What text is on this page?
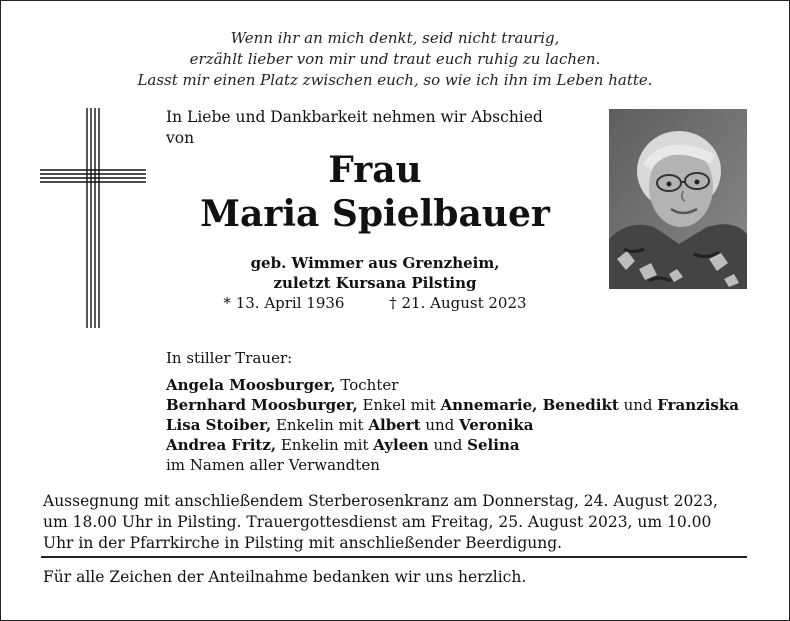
Wenn ihr an mich denkt, seid nicht traurig,
erzählt lieber von mir und traut euch ruhig zu lachen.
Lasst mir einen Platz zwischen euch, so wie ich ihn im Leben hatte.
In Liebe und Dankbarkeit nehmen wir Abschied
von
Frau
Maria Spielbauer
geb. Wimmer aus Grenzheim,
zuletzt Kursana Pilsting
* 13. April 1936	† 21. August 2023
In stiller Trauer:
Angela Moosburger, Tochter
Bernhard Moosburger, Enkel mit Annemarie, Benedikt und Franziska
Lisa Stoiber, Enkelin mit Albert und Veronika
Andrea Fritz, Enkelin mit Ayleen und Selina
im Namen aller Verwandten
Aussegnung mit anschließendem Sterberosenkranz am Donnerstag, 24. August 2023,
um 18.00 Uhr in Pilsting. Trauergottesdienst am Freitag, 25. August 2023, um 10.00
Uhr in der Pfarrkirche in Pilsting mit anschließender Beerdigung.
Für alle Zeichen der Anteilnahme bedanken wir uns herzlich.
